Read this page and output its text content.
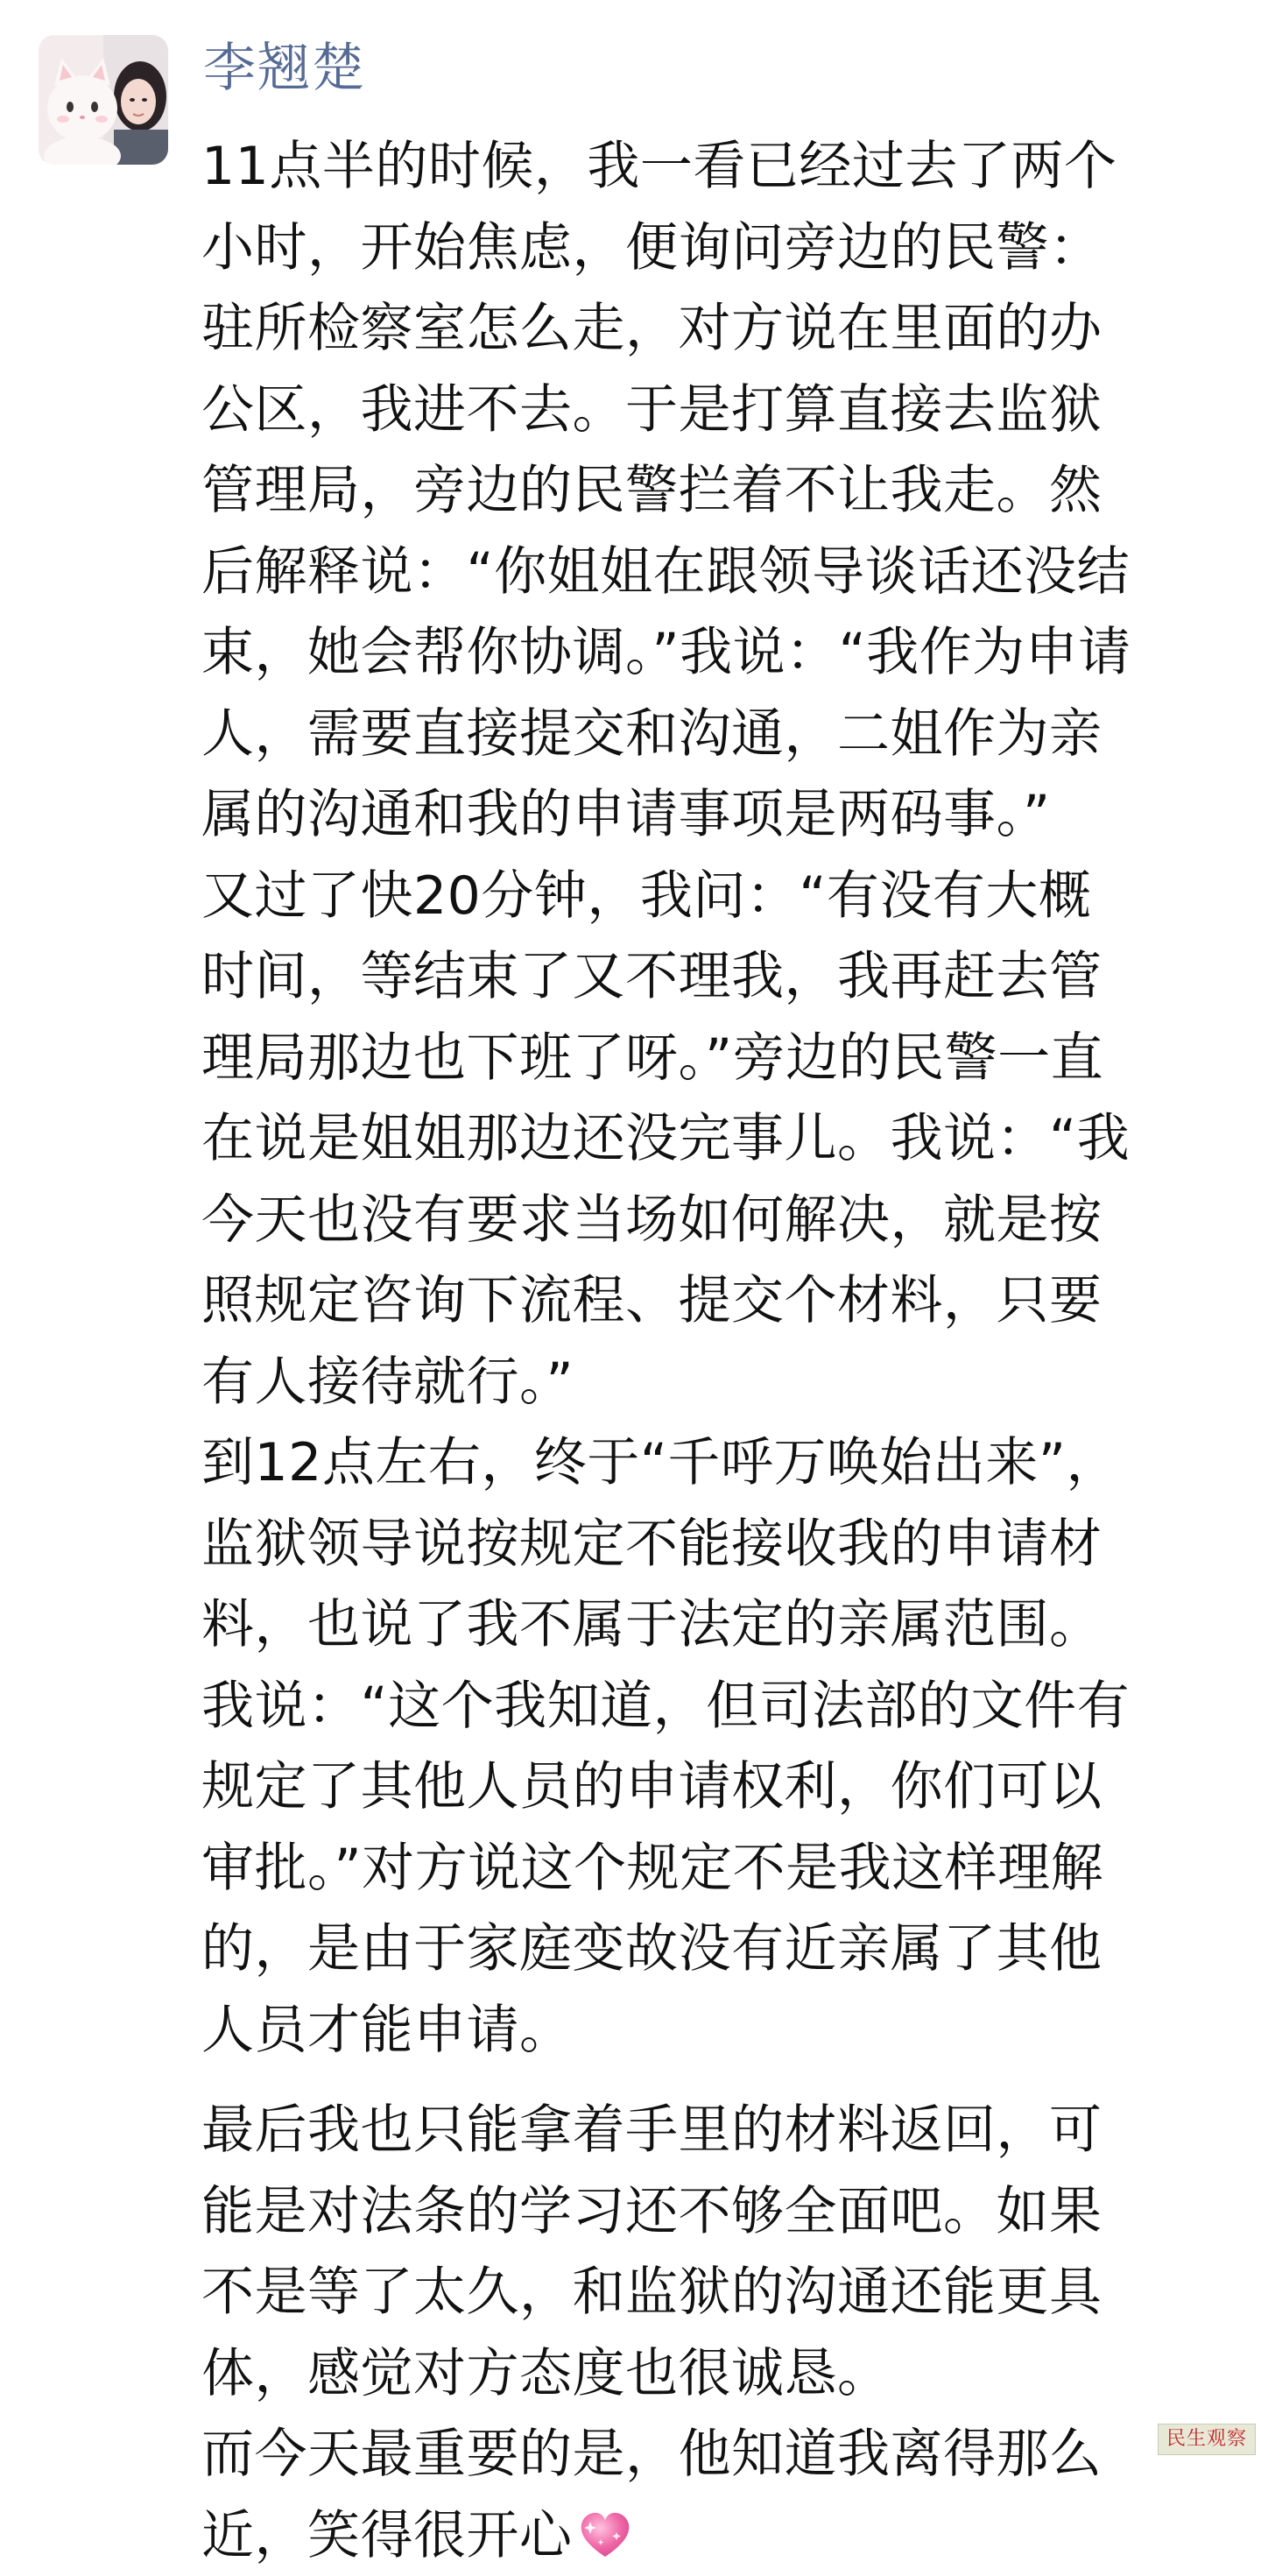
李翘楚
11点半的时候，我一看已经过去了两个
小时，开始焦虑，便询问旁边的民警：
驻所检察室怎么走，对方说在里面的办
公区，我进不去。于是打算直接去监狱
管理局，旁边的民警拦着不让我走。然
后解释说：“你姐姐在跟领导谈话还没结
束，她会帮你协调。”我说：“我作为申请
人，需要直接提交和沟通，二姐作为亲
属的沟通和我的申请事项是两码事。”
又过了快20分钟，我问：“有没有大概
时间，等结束了又不理我，我再赶去管
理局那边也下班了呀。”旁边的民警一直
在说是姐姐那边还没完事儿。我说：“我
今天也没有要求当场如何解决，就是按
照规定咨询下流程、提交个材料，只要
有人接待就行。”
到12点左右，终于“千呼万唤始出来”，
监狱领导说按规定不能接收我的申请材
料，也说了我不属于法定的亲属范围。
我说：“这个我知道，但司法部的文件有
规定了其他人员的申请权利，你们可以
审批。”对方说这个规定不是我这样理解
的，是由于家庭变故没有近亲属了其他
人员才能申请。
最后我也只能拿着手里的材料返回，可
能是对法条的学习还不够全面吧。如果
不是等了太久，和监狱的沟通还能更具
体，感觉对方态度也很诚恳。
而今天最重要的是，他知道我离得那么
近，笑得很开心
民生观察
